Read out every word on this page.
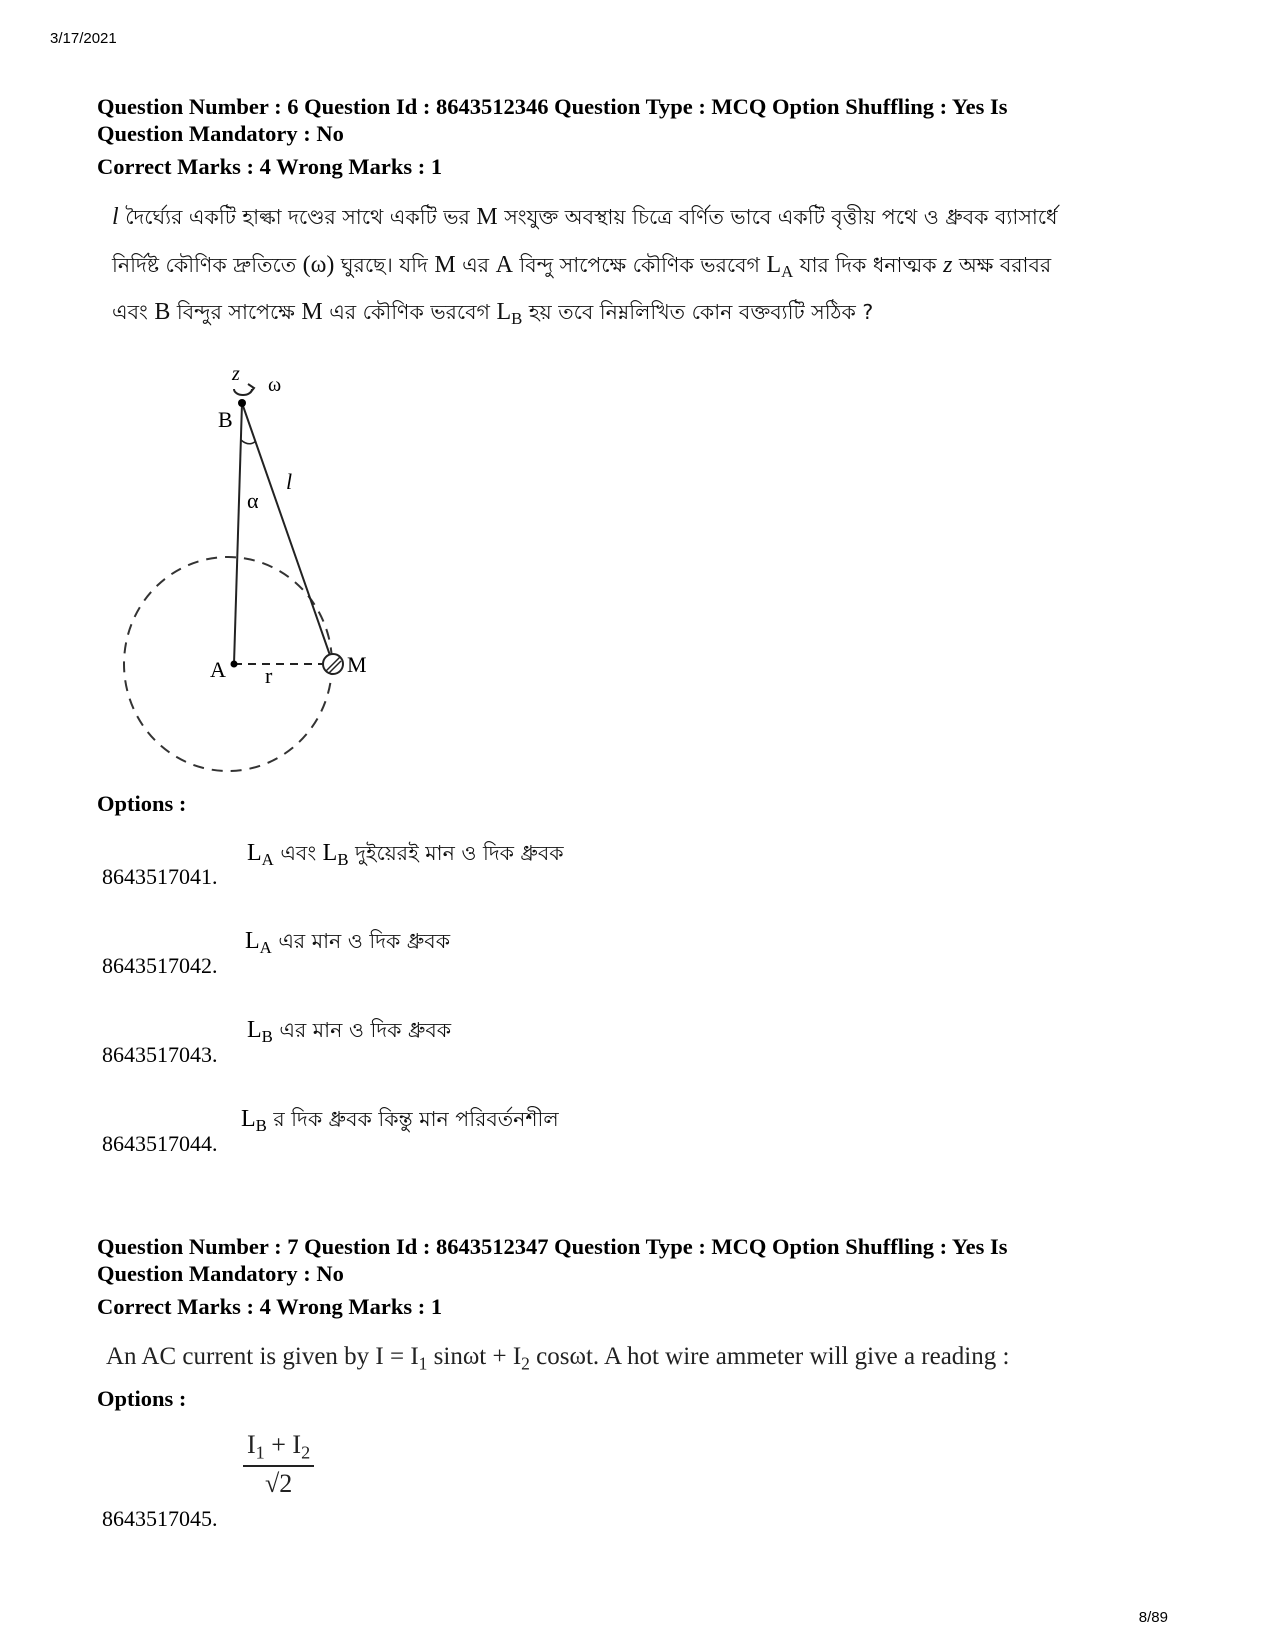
3/17/2021
Question Number : 6 Question Id : 8643512346 Question Type : MCQ Option Shuffling : Yes Is
Question Mandatory : No
Correct Marks : 4 Wrong Marks : 1
l দৈর্ঘ্যের একটি হাল্কা দণ্ডের সাথে একটি ভর M সংযুক্ত অবস্থায় চিত্রে বর্ণিত ভাবে একটি বৃত্তীয় পথে ও ধ্রুবক ব্যাসার্ধে
নির্দিষ্ট কৌণিক দ্রুতিতে (ω) ঘুরছে। যদি M এর A বিন্দু সাপেক্ষে কৌণিক ভরবেগ $L_A$ যার দিক ধনাত্মক z অক্ষ বরাবর
এবং B বিন্দুর সাপেক্ষে M এর কৌণিক ভরবেগ $L_B$ হয় তবে নিম্নলিখিত কোন বক্তব্যটি সঠিক ?
z ω
B
l
α
A r	M
Options :
8643517041.
$L_A$ এবং $L_B$ দুইয়েরই মান ও দিক ধ্রুবক
8643517042.
$L_A$ এর মান ও দিক ধ্রুবক
8643517043.
$L_B$ এর মান ও দিক ধ্রুবক
8643517044.
$L_B$ র দিক ধ্রুবক কিন্তু মান পরিবর্তনশীল
Question Number : 7 Question Id : 8643512347 Question Type : MCQ Option Shuffling : Yes Is
Question Mandatory : No
Correct Marks : 4 Wrong Marks : 1
An AC current is given by $I = I_1$ $\sin\omega t + I_2$ cosωt. A hot wire ammeter will give a reading :
Options :
8643517045.
$\frac{I_1 + I_2}{√2}$
8/89
